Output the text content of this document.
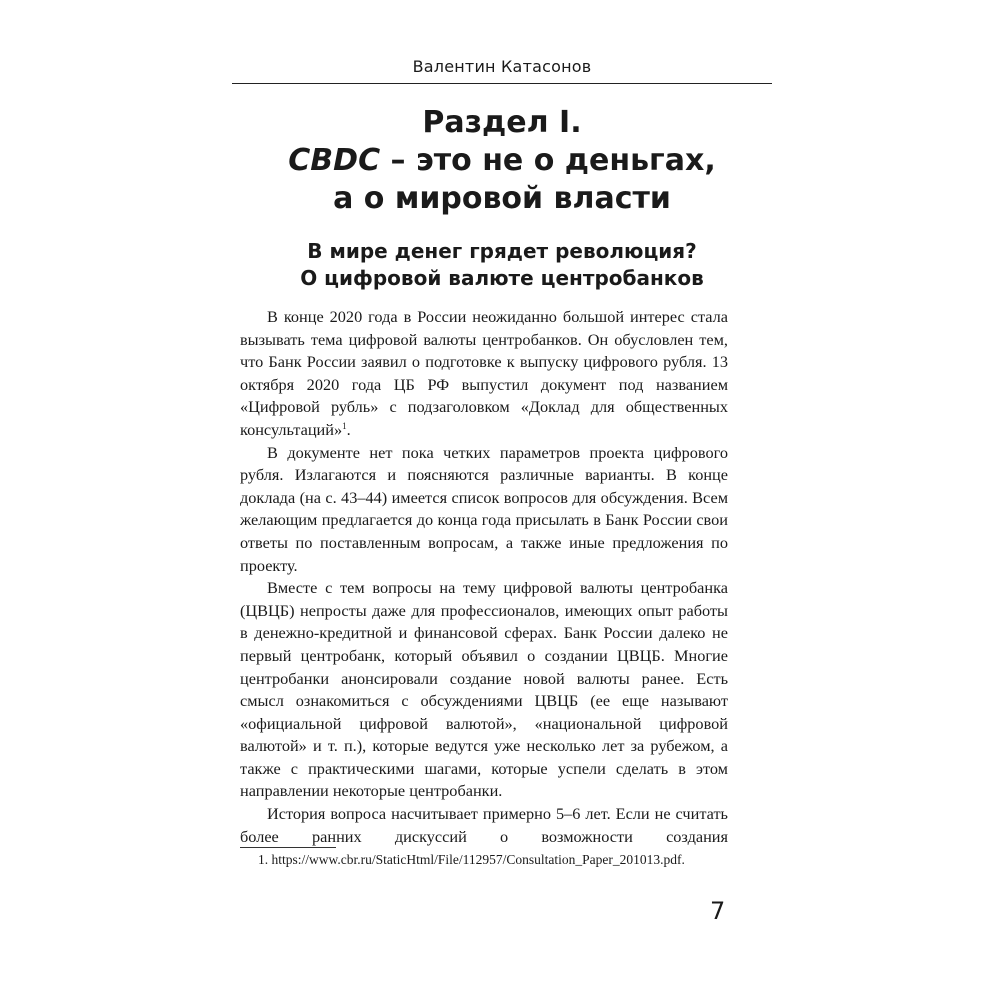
Валентин Катасонов
Раздел I.
CBDC – это не о деньгах,
а о мировой власти
В мире денег грядет революция?
О цифровой валюте центробанков

В конце 2020 года в России неожиданно большой интерес стала вызывать тема цифровой валюты центробанков. Он обусловлен тем, что Банк России заявил о подготовке к выпуску цифрового рубля. 13 октября 2020 года ЦБ РФ выпустил документ под названием «Цифровой рубль» с подзаголовком «Доклад для общественных консультаций»$^1$.

В документе нет пока четких параметров проекта цифрового рубля. Излагаются и поясняются различные варианты. В конце доклада (на с. 43–44) имеется список вопросов для обсуждения. Всем желающим предлагается до конца года присылать в Банк России свои ответы по поставленным вопросам, а также иные предложения по проекту.

Вместе с тем вопросы на тему цифровой валюты центробанка (ЦВЦБ) непросты даже для профессионалов, имеющих опыт работы в денежно-кредитной и финансовой сферах. Банк России далеко не первый центробанк, который объявил о создании ЦВЦБ. Многие центробанки анонсировали создание новой валюты ранее. Есть смысл ознакомиться с обсуждениями ЦВЦБ (ее еще называют «официальной цифровой валютой», «национальной цифровой валютой» и т. п.), которые ведутся уже несколько лет за рубежом, а также с практическими шагами, которые успели сделать в этом направлении некоторые центробанки.

История вопроса насчитывает примерно 5–6 лет. Если не считать более ранних дискуссий о возможности создания

1. https://www.cbr.ru/StaticHtml/File/112957/Consultation_Paper_201013.pdf.
7
